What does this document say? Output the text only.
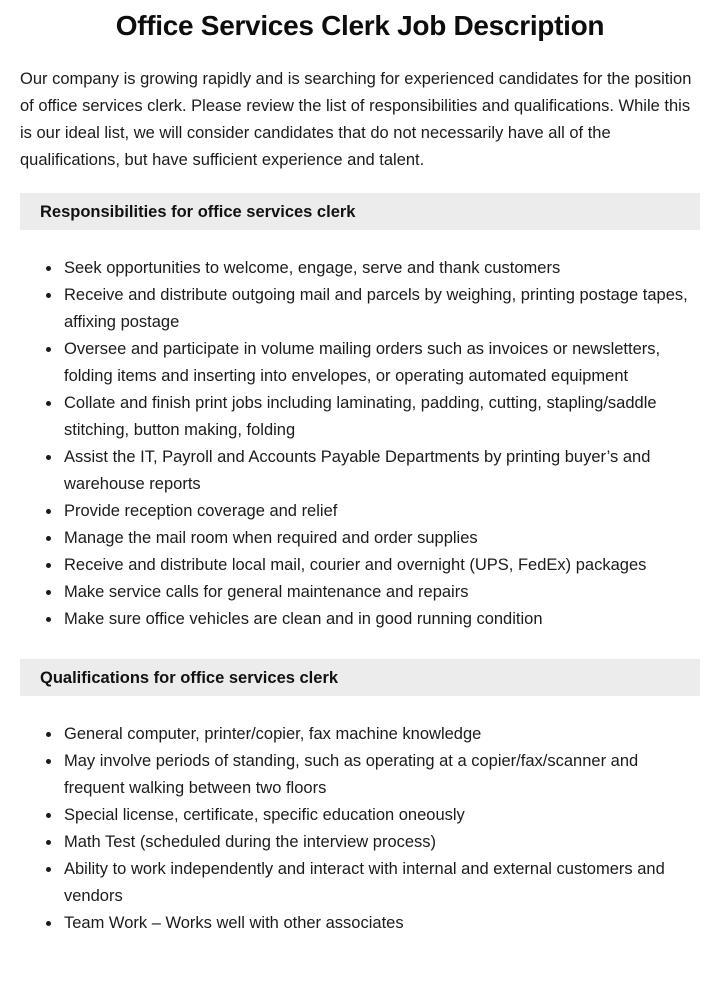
Office Services Clerk Job Description

Our company is growing rapidly and is searching for experienced candidates for the position of office services clerk. Please review the list of responsibilities and qualifications. While this is our ideal list, we will consider candidates that do not necessarily have all of the qualifications, but have sufficient experience and talent.

Responsibilities for office services clerk
• Seek opportunities to welcome, engage, serve and thank customers
• Receive and distribute outgoing mail and parcels by weighing, printing postage tapes, affixing postage
• Oversee and participate in volume mailing orders such as invoices or newsletters, folding items and inserting into envelopes, or operating automated equipment
• Collate and finish print jobs including laminating, padding, cutting, stapling/saddle stitching, button making, folding
• Assist the IT, Payroll and Accounts Payable Departments by printing buyer’s and warehouse reports
• Provide reception coverage and relief
• Manage the mail room when required and order supplies
• Receive and distribute local mail, courier and overnight (UPS, FedEx) packages
• Make service calls for general maintenance and repairs
• Make sure office vehicles are clean and in good running condition
Qualifications for office services clerk
• General computer, printer/copier, fax machine knowledge
• May involve periods of standing, such as operating at a copier/fax/scanner and frequent walking between two floors
• Special license, certificate, specific education oneously
• Math Test (scheduled during the interview process)
• Ability to work independently and interact with internal and external customers and vendors
• Team Work – Works well with other associates
